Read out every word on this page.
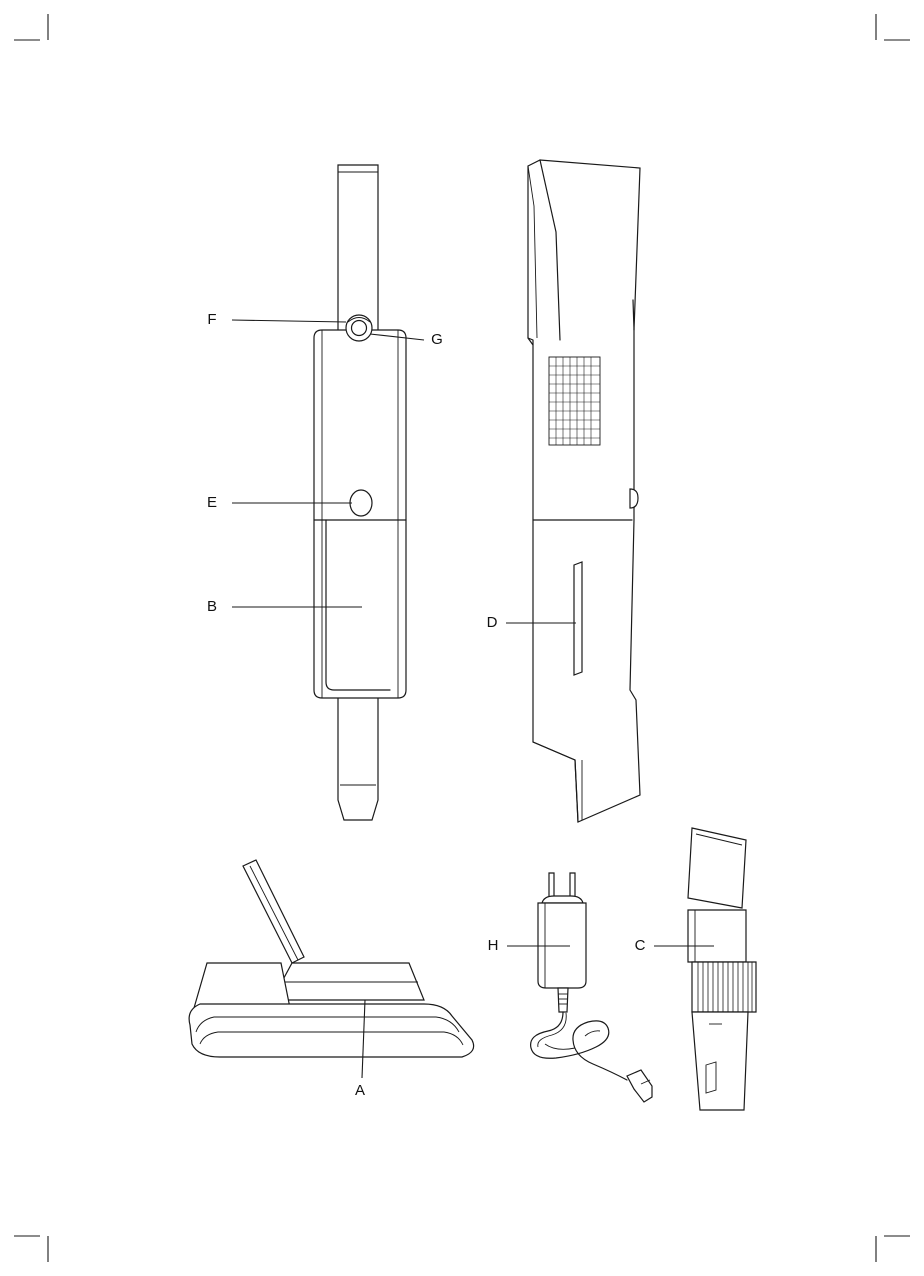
F
G
E
B
D
A
H	C
